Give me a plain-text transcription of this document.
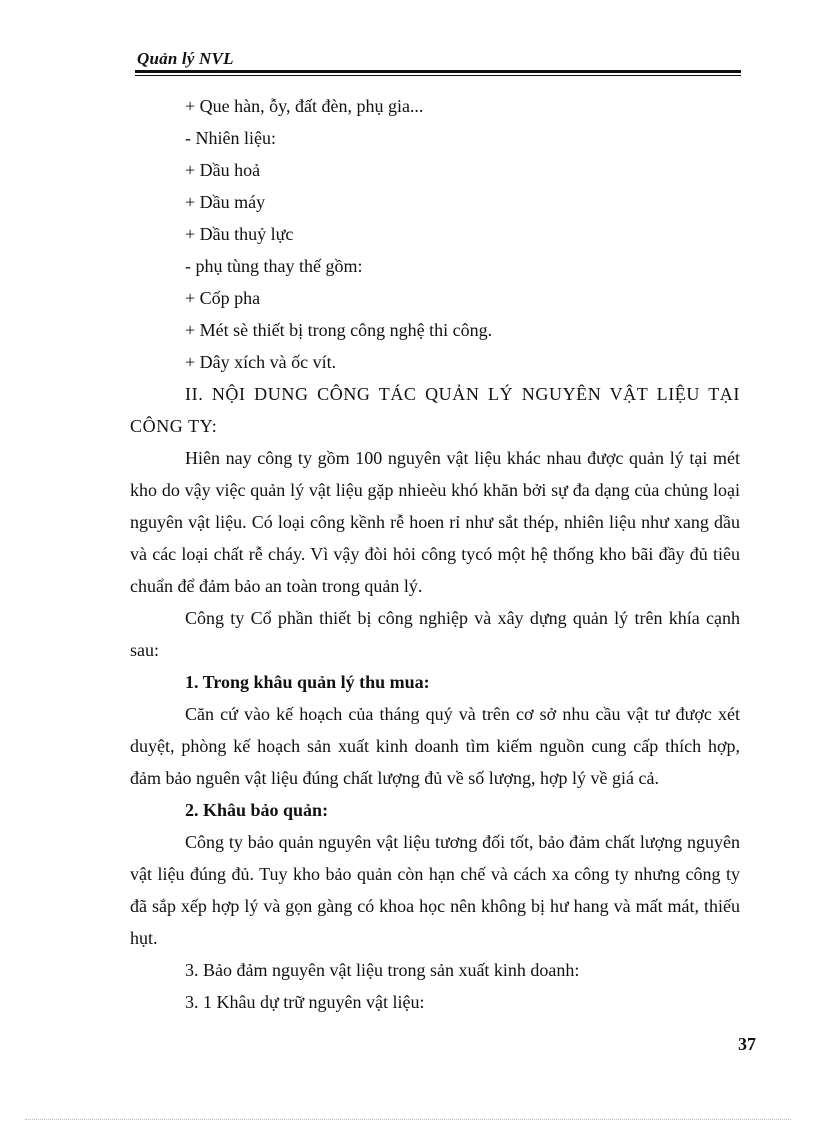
Quản lý NVL

+ Que hàn, ỗy, đất đèn, phụ gia...

- Nhiên liệu:

+ Dầu hoả

+ Dầu máy

+ Dầu thuỷ lực

- phụ tùng thay thế gồm:

+ Cốp pha

+ Mét sè thiết bị trong công nghệ thi công.

+ Dây xích và ốc vít.

II. NỘI DUNG CÔNG TÁC QUẢN LÝ NGUYÊN VẬT LIỆU TẠI CÔNG TY:

Hiên nay công ty gồm 100 nguyên vật liệu khác nhau được quản lý tại mét kho do vậy việc quản lý vật liệu gặp nhieèu khó khăn bởi sự đa dạng của chủng loại nguyên vật liệu. Có loại công kềnh rễ hoen rỉ như sắt thép, nhiên liệu như xang dầu và các loại chất rễ cháy. Vì vậy đòi hỏi công tycó một hệ thống kho bãi đầy đủ tiêu chuẩn để đảm bảo an toàn trong quản lý.

Công ty Cổ phần thiết bị công nghiệp và xây dựng quản lý trên khía cạnh sau:

1. Trong khâu quản lý thu mua:

Căn cứ vào kế hoạch của tháng quý và trên cơ sở nhu cầu vật tư được xét duyệt, phòng kế hoạch sản xuất kinh doanh tìm kiếm nguồn cung cấp thích hợp, đảm bảo nguên vật liệu đúng chất lượng đủ về số lượng, hợp lý về giá cả.

2. Khâu bảo quản:

Công ty bảo quản nguyên vật liệu tương đối tốt, bảo đảm chất lượng nguyên vật liệu đúng đủ. Tuy kho bảo quản còn hạn chế và cách xa công ty nhưng công ty đã sắp xếp hợp lý và gọn gàng có khoa học nên không bị hư hang và mất mát, thiếu hụt.

3. Bảo đảm nguyên vật liệu trong sản xuất kinh doanh:

3. 1 Khâu dự trữ nguyên vật liệu:

37
